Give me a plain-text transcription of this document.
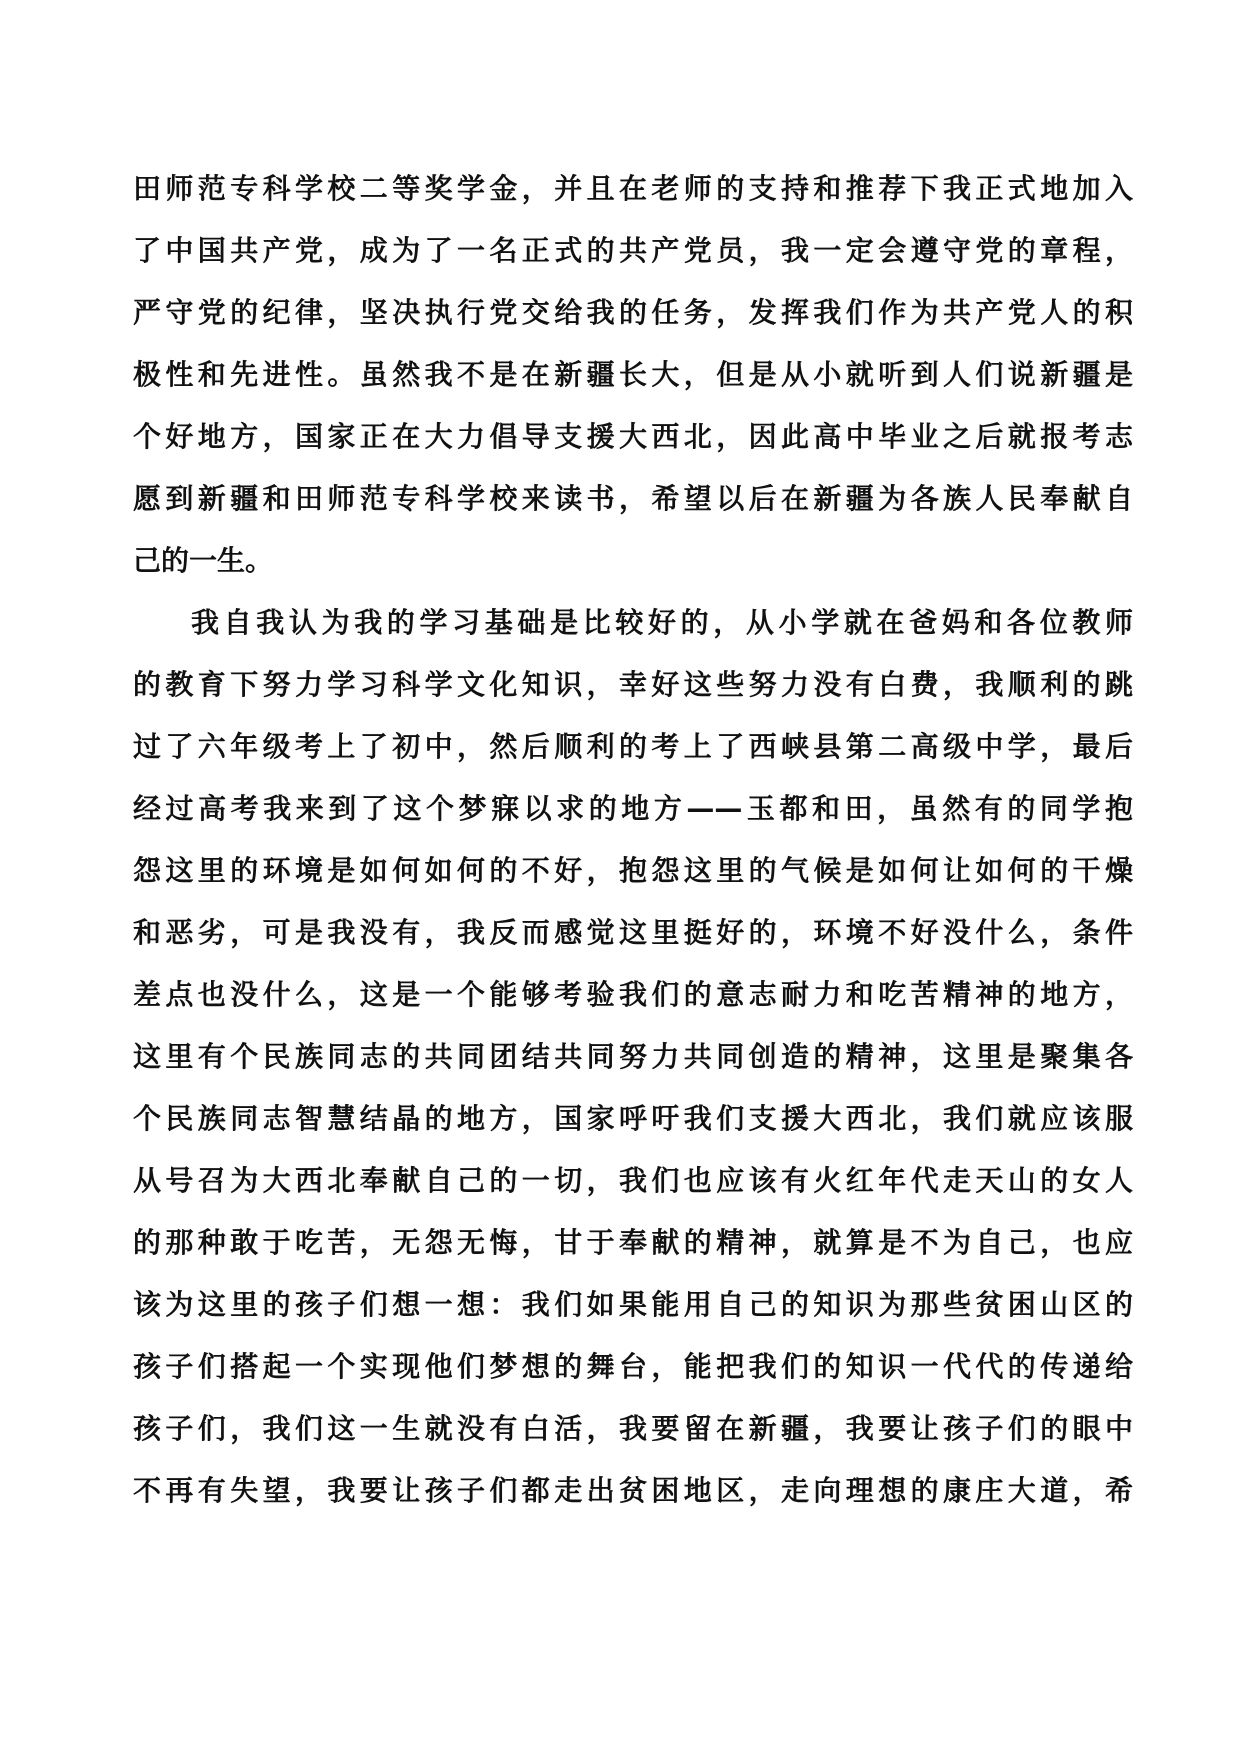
田师范专科学校二等奖学金，并且在老师的支持和推荐下我正式地加入
了中国共产党，成为了一名正式的共产党员，我一定会遵守党的章程，
严守党的纪律，坚决执行党交给我的任务，发挥我们作为共产党人的积
极性和先进性。虽然我不是在新疆长大，但是从小就听到人们说新疆是
个好地方，国家正在大力倡导支援大西北，因此高中毕业之后就报考志
愿到新疆和田师范专科学校来读书，希望以后在新疆为各族人民奉献自
己的一生。
我自我认为我的学习基础是比较好的，从小学就在爸妈和各位教师
的教育下努力学习科学文化知识，幸好这些努力没有白费，我顺利的跳
过了六年级考上了初中，然后顺利的考上了西峡县第二高级中学，最后
经过高考我来到了这个梦寐以求的地方——玉都和田，虽然有的同学抱
怨这里的环境是如何如何的不好，抱怨这里的气候是如何让如何的干燥
和恶劣，可是我没有，我反而感觉这里挺好的，环境不好没什么，条件
差点也没什么，这是一个能够考验我们的意志耐力和吃苦精神的地方，
这里有个民族同志的共同团结共同努力共同创造的精神，这里是聚集各
个民族同志智慧结晶的地方，国家呼吁我们支援大西北，我们就应该服
从号召为大西北奉献自己的一切，我们也应该有火红年代走天山的女人
的那种敢于吃苦，无怨无悔，甘于奉献的精神，就算是不为自己，也应
该为这里的孩子们想一想：我们如果能用自己的知识为那些贫困山区的
孩子们搭起一个实现他们梦想的舞台，能把我们的知识一代代的传递给
孩子们，我们这一生就没有白活，我要留在新疆，我要让孩子们的眼中
不再有失望，我要让孩子们都走出贫困地区，走向理想的康庄大道，希
